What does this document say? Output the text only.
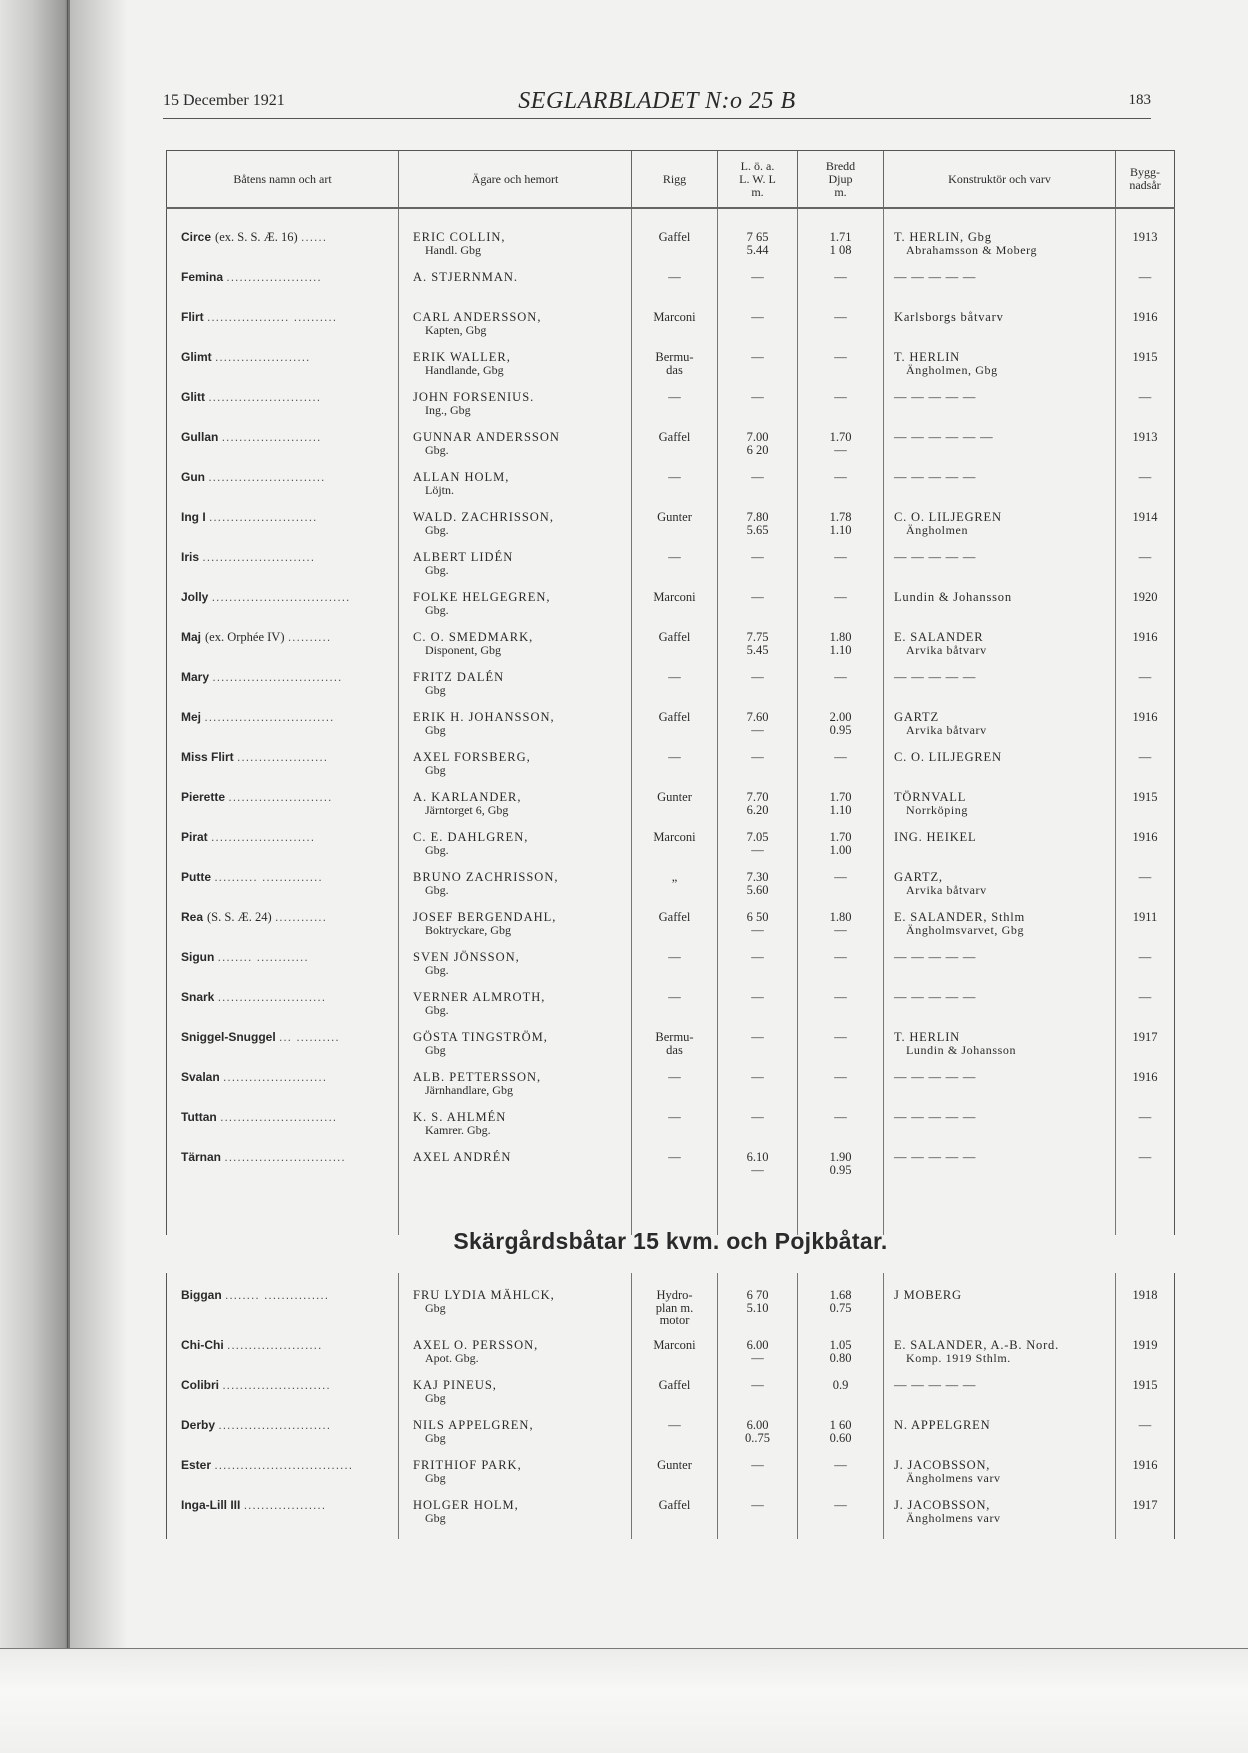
15 December 1921	SEGLARBLADET N:o 25 B	183
Båtens namn och art	Ägare och hemort	Rigg	L. ö. a.
L. W. L
m.	Bredd
Djup
m.	Konstruktör och varv	Bygg-
nadsår

Circe (ex. S. S. Æ. 16) ......	ERIC COLLIN,
Handl. Gbg	Gaffel	7 65
5.44	1.71
1 08	T. HERLIN, Gbg
Abrahamsson & Moberg	1913
Femina ......................	A. STJERNMAN.	—	—	—	— — — — —	—
Flirt ................... ..........	CARL ANDERSSON,
Kapten, Gbg	Marconi	—	—	Karlsborgs båtvarv	1916
Glimt ......................	ERIK WALLER,
Handlande, Gbg	Bermu-
das	—	—	T. HERLIN
Ängholmen, Gbg	1915
Glitt ..........................	JOHN FORSENIUS.
Ing., Gbg	—	—	—	— — — — —	—
Gullan .......................	GUNNAR ANDERSSON
Gbg.	Gaffel	7.00
6 20	1.70
—	— — — — — —	1913
Gun ...........................	ALLAN HOLM,
Löjtn.	—	—	—	— — — — —	—
Ing I .........................	WALD. ZACHRISSON,
Gbg.	Gunter	7.80
5.65	1.78
1.10	C. O. LILJEGREN
Ängholmen	1914
Iris ..........................	ALBERT LIDÉN
Gbg.	—	—	—	— — — — —	—
Jolly ................................	FOLKE HELGEGREN,
Gbg.	Marconi	—	—	Lundin & Johansson	1920
Maj (ex. Orphée IV) ..........	C. O. SMEDMARK,
Disponent, Gbg	Gaffel	7.75
5.45	1.80
1.10	E. SALANDER
Arvika båtvarv	1916
Mary ..............................	FRITZ DALÉN
Gbg	—	—	—	— — — — —	—
Mej ..............................	ERIK H. JOHANSSON,
Gbg	Gaffel	7.60
—	2.00
0.95	GARTZ
Arvika båtvarv	1916
Miss Flirt .....................	AXEL FORSBERG,
Gbg	—	—	—	C. O. LILJEGREN	—
Pierette ........................	A. KARLANDER,
Järntorget 6, Gbg	Gunter	7.70
6.20	1.70
1.10	TÖRNVALL
Norrköping	1915
Pirat ........................	C. E. DAHLGREN,
Gbg.	Marconi	7.05
—	1.70
1.00	ING. HEIKEL	1916
Putte .......... ..............	BRUNO ZACHRISSON,
Gbg.	„	7.30
5.60	—	GARTZ,
Arvika båtvarv	—
Rea (S. S. Æ. 24) ............	JOSEF BERGENDAHL,
Boktryckare, Gbg	Gaffel	6 50
—	1.80
—	E. SALANDER, Sthlm
Ängholmsvarvet, Gbg	1911
Sigun ........ ............	SVEN JÖNSSON,
Gbg.	—	—	—	— — — — —	—
Snark .........................	VERNER ALMROTH,
Gbg.	—	—	—	— — — — —	—
Sniggel-Snuggel ... ..........	GÖSTA TINGSTRÖM,
Gbg	Bermu-
das	—	—	T. HERLIN
Lundin & Johansson	1917
Svalan ........................	ALB. PETTERSSON,
Järnhandlare, Gbg	—	—	—	— — — — —	1916
Tuttan ...........................	K. S. AHLMÉN
Kamrer. Gbg.	—	—	—	— — — — —	—
Tärnan ............................	AXEL ANDRÉN	—	6.10
—	1.90
0.95	— — — — —	—

Skärgårdsbåtar 15 kvm. och Pojkbåtar.						

Biggan ........ ...............	FRU LYDIA MÄHLCK,
Gbg	Hydro-
plan m.
motor	6 70
5.10	1.68
0.75	J MOBERG	1918
Chi-Chi ......................	AXEL O. PERSSON,
Apot. Gbg.	Marconi	6.00
—	1.05
0.80	E. SALANDER, A.-B. Nord.
Komp. 1919 Sthlm.	1919
Colibri .........................	KAJ PINEUS,
Gbg	Gaffel	—	0.9	— — — — —	1915
Derby ..........................	NILS APPELGREN,
Gbg	—	6.00
0..75	1 60
0.60	N. APPELGREN	—
Ester ................................	FRITHIOF PARK,
Gbg	Gunter	—	—	J. JACOBSSON,
Ängholmens varv	1916
Inga-Lill III ...................	HOLGER HOLM,
Gbg	Gaffel	—	—	J. JACOBSSON,
Ängholmens varv	1917
